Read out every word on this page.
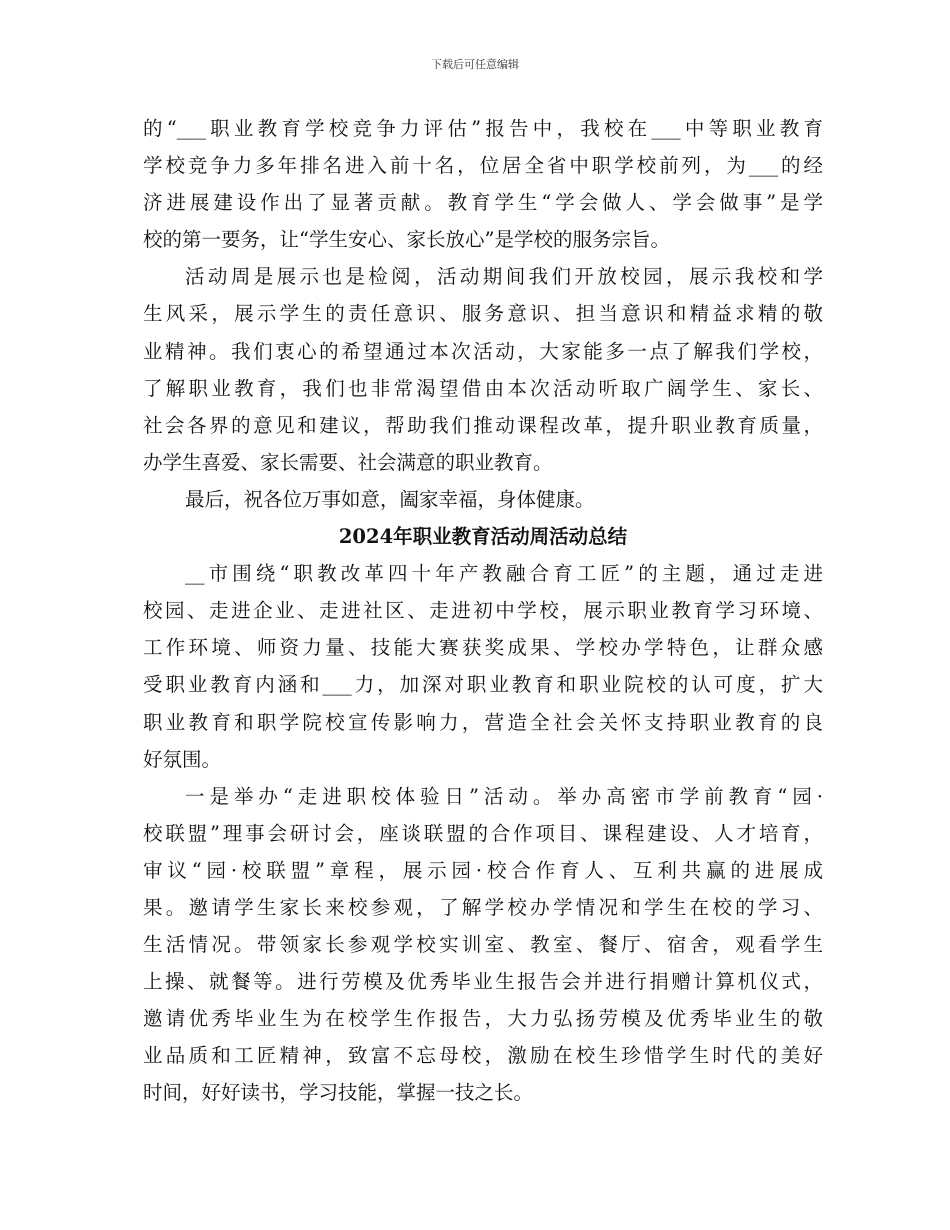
下载后可任意编辑
的“___职业教育学校竞争力评估”报告中，我校在___中等职业教育
学校竞争力多年排名进入前十名，位居全省中职学校前列，为___的经
济进展建设作出了显著贡献。教育学生“学会做人、学会做事”是学
校的第一要务，让“学生安心、家长放心”是学校的服务宗旨。
活动周是展示也是检阅，活动期间我们开放校园，展示我校和学
生风采，展示学生的责任意识、服务意识、担当意识和精益求精的敬
业精神。我们衷心的希望通过本次活动，大家能多一点了解我们学校，
了解职业教育，我们也非常渴望借由本次活动听取广阔学生、家长、
社会各界的意见和建议，帮助我们推动课程改革，提升职业教育质量，
办学生喜爱、家长需要、社会满意的职业教育。
最后，祝各位万事如意，阖家幸福，身体健康。
2024年职业教育活动周活动总结
__市围绕“职教改革四十年产教融合育工匠”的主题，通过走进
校园、走进企业、走进社区、走进初中学校，展示职业教育学习环境、
工作环境、师资力量、技能大赛获奖成果、学校办学特色，让群众感
受职业教育内涵和___力，加深对职业教育和职业院校的认可度，扩大
职业教育和职学院校宣传影响力，营造全社会关怀支持职业教育的良
好氛围。
一是举办“走进职校体验日”活动。举办高密市学前教育“园·
校联盟”理事会研讨会，座谈联盟的合作项目、课程建设、人才培育，
审议“园·校联盟”章程，展示园·校合作育人、互利共赢的进展成
果。邀请学生家长来校参观，了解学校办学情况和学生在校的学习、
生活情况。带领家长参观学校实训室、教室、餐厅、宿舍，观看学生
上操、就餐等。进行劳模及优秀毕业生报告会并进行捐赠计算机仪式，
邀请优秀毕业生为在校学生作报告，大力弘扬劳模及优秀毕业生的敬
业品质和工匠精神，致富不忘母校，激励在校生珍惜学生时代的美好
时间，好好读书，学习技能，掌握一技之长。
